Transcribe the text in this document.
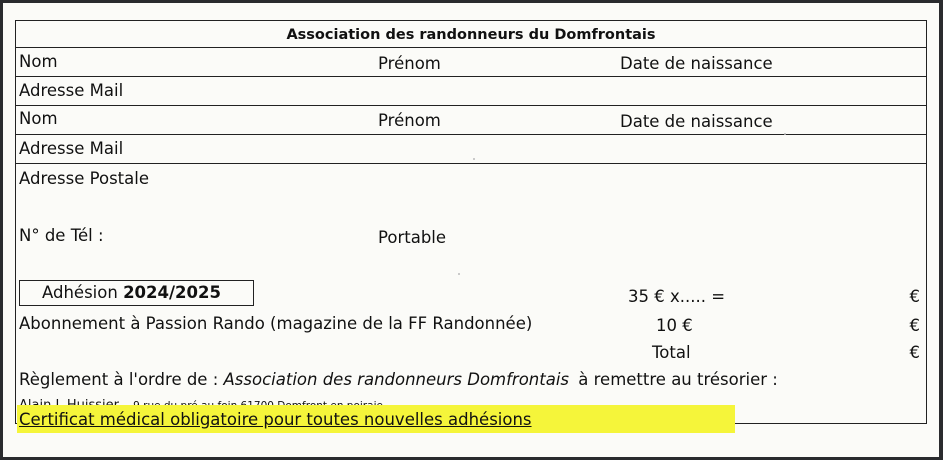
Association des randonneurs du Domfrontais
Nom	Prénom	Date de naissance
Adresse Mail
Nom	Prénom	Date de naissance
Adresse Mail
Adresse Postale
N° de Tél :	Portable
Adhésion 2024/2025	35 € x..... =	€
Abonnement à Passion Rando (magazine de la FF Randonnée)	10 €	€
Total	€
Règlement à l'ordre de : Association des randonneurs Domfrontais à remettre au trésorier :
Certificat médical obligatoire pour toutes nouvelles adhésions
